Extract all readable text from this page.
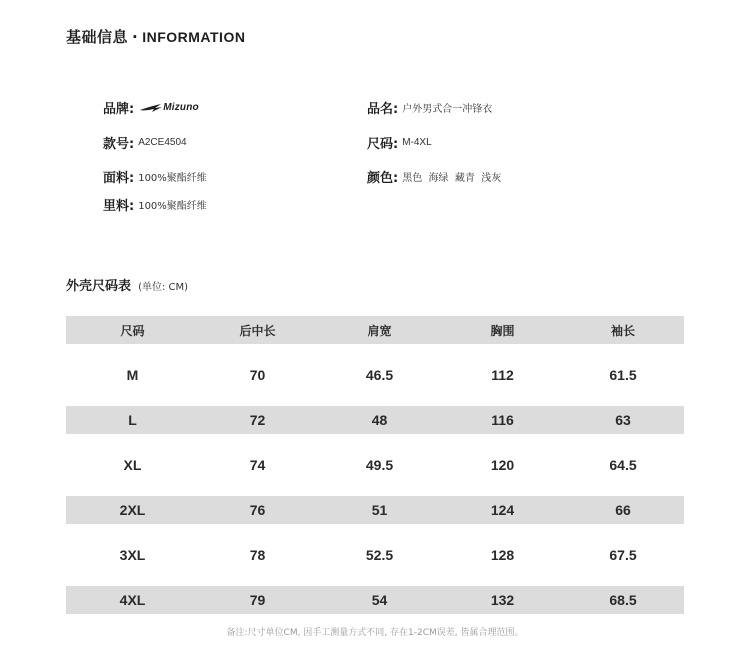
基础信息 · INFORMATION
品牌:	Mizuno	品名: 户外男式合一冲锋衣
款号: A2CE4504	尺码: M-4XL
面料: 100%聚酯纤维	颜色: 黑色  海绿  藏青  浅灰
里料: 100%聚酯纤维
外壳尺码表 (单位: CM)
尺码	后中长	肩宽	胸围	袖长
M	70	46.5	112	61.5
L	72	48	116	63
XL	74	49.5	120	64.5
2XL	76	51	124	66
3XL	78	52.5	128	67.5
4XL	79	54	132	68.5
备注:尺寸单位CM, 因手工测量方式不同, 存在1-2CM误差, 皆属合理范围。
